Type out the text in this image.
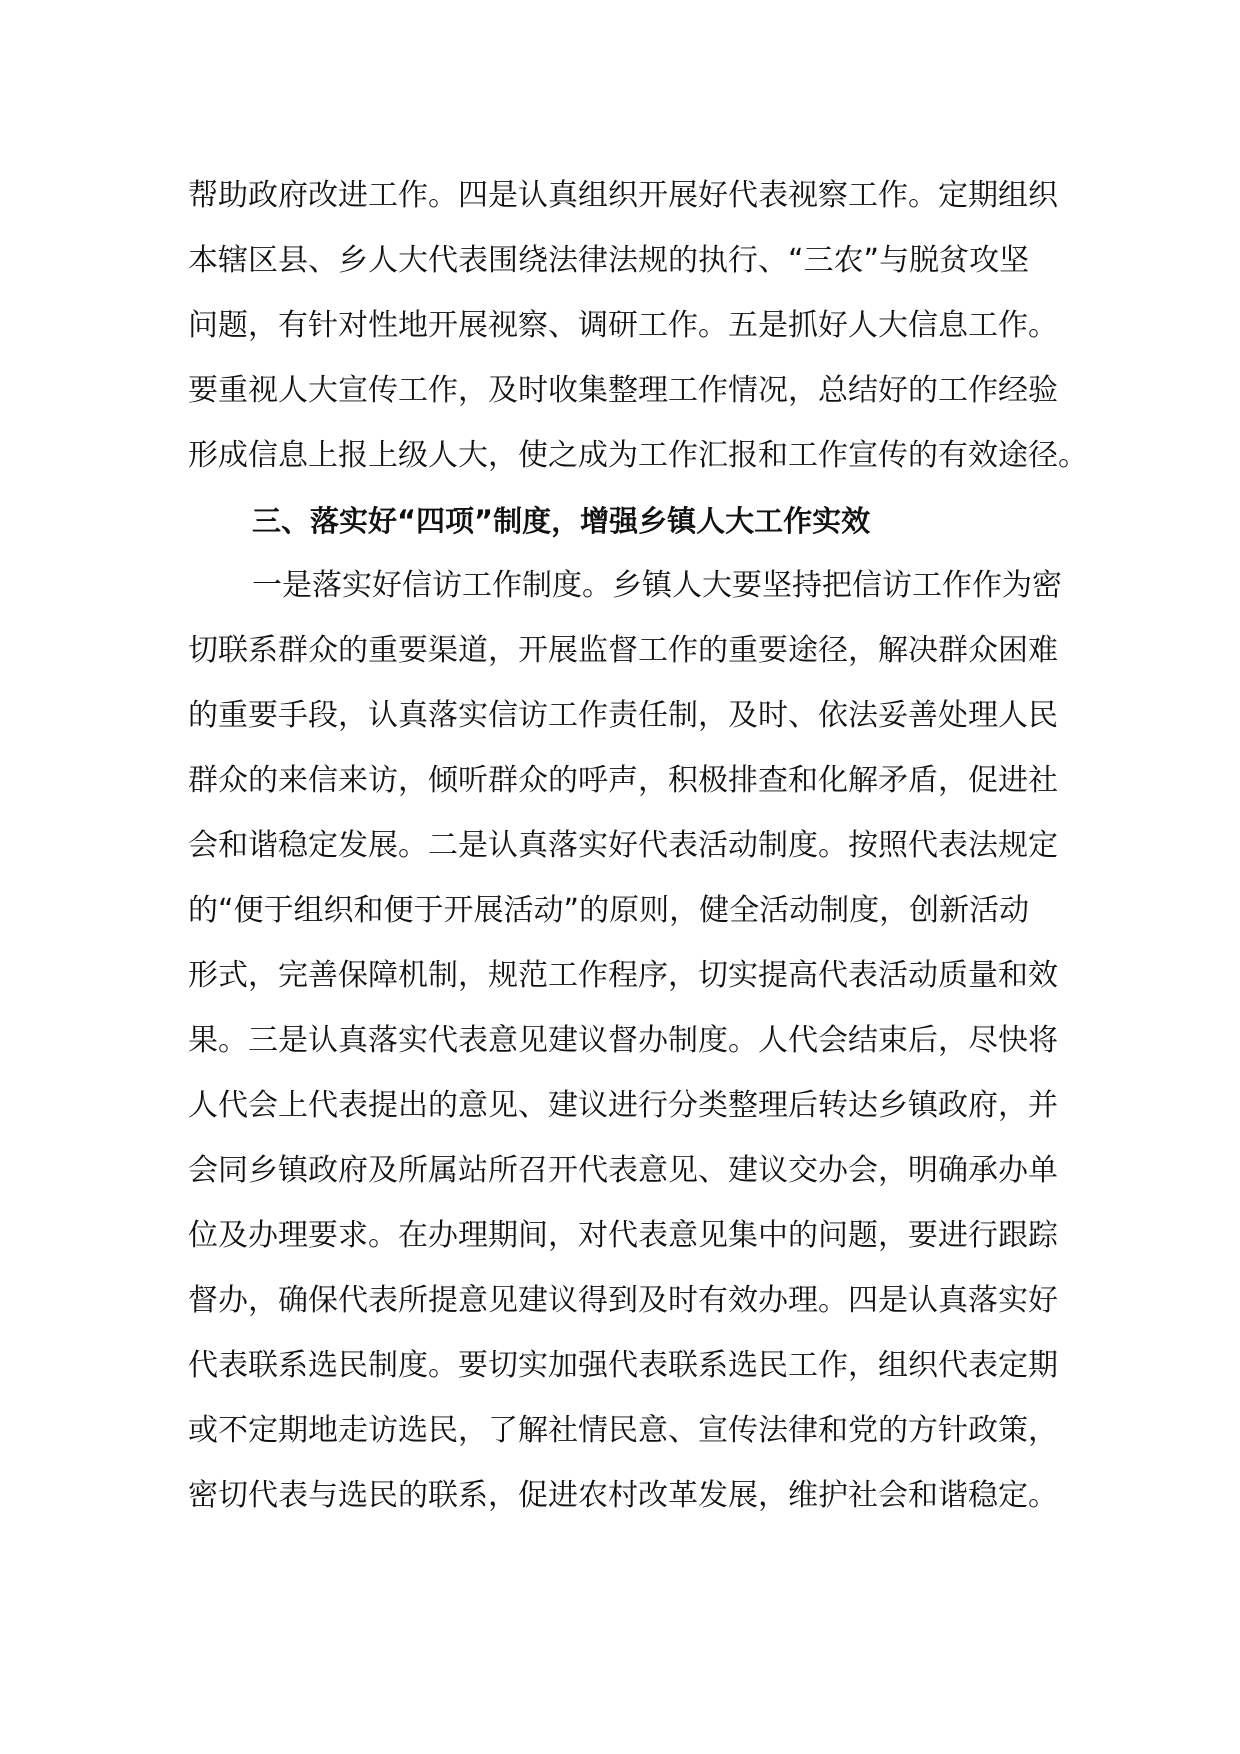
帮助政府改进工作。四是认真组织开展好代表视察工作。定期组织
本辖区县、乡人大代表围绕法律法规的执行、“三农”与脱贫攻坚
问题，有针对性地开展视察、调研工作。五是抓好人大信息工作。
要重视人大宣传工作，及时收集整理工作情况，总结好的工作经验
形成信息上报上级人大，使之成为工作汇报和工作宣传的有效途径。
三、落实好“四项”制度，增强乡镇人大工作实效
一是落实好信访工作制度。乡镇人大要坚持把信访工作作为密
切联系群众的重要渠道，开展监督工作的重要途径，解决群众困难
的重要手段，认真落实信访工作责任制，及时、依法妥善处理人民
群众的来信来访，倾听群众的呼声，积极排查和化解矛盾，促进社
会和谐稳定发展。二是认真落实好代表活动制度。按照代表法规定
的“便于组织和便于开展活动”的原则，健全活动制度，创新活动
形式，完善保障机制，规范工作程序，切实提高代表活动质量和效
果。三是认真落实代表意见建议督办制度。人代会结束后，尽快将
人代会上代表提出的意见、建议进行分类整理后转达乡镇政府，并
会同乡镇政府及所属站所召开代表意见、建议交办会，明确承办单
位及办理要求。在办理期间，对代表意见集中的问题，要进行跟踪
督办，确保代表所提意见建议得到及时有效办理。四是认真落实好
代表联系选民制度。要切实加强代表联系选民工作，组织代表定期
或不定期地走访选民，了解社情民意、宣传法律和党的方针政策，
密切代表与选民的联系，促进农村改革发展，维护社会和谐稳定。
